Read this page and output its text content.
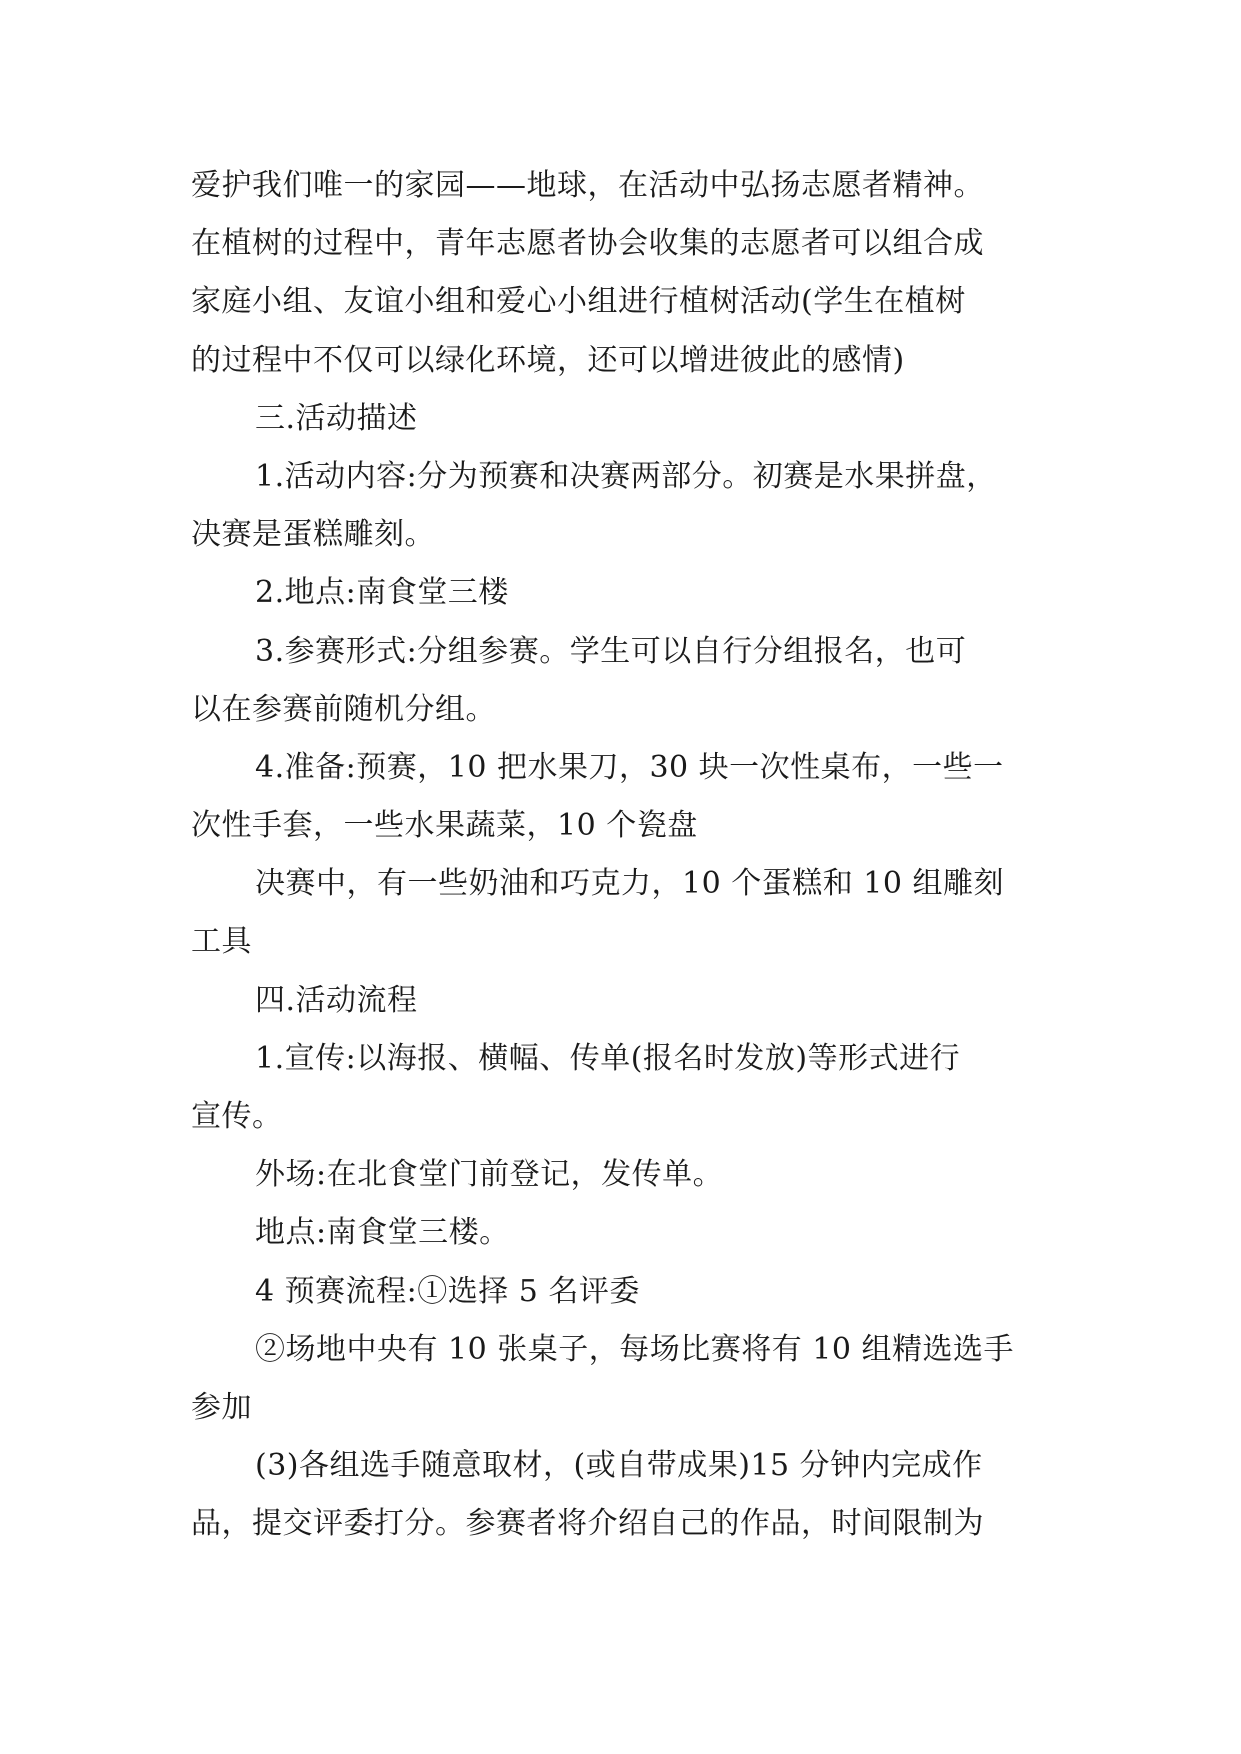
爱护我们唯一的家园——地球，在活动中弘扬志愿者精神。
在植树的过程中，青年志愿者协会收集的志愿者可以组合成
家庭小组、友谊小组和爱心小组进行植树活动(学生在植树
的过程中不仅可以绿化环境，还可以增进彼此的感情)
三.活动描述
1.活动内容:分为预赛和决赛两部分。初赛是水果拼盘，
决赛是蛋糕雕刻。
2.地点:南食堂三楼
3.参赛形式:分组参赛。学生可以自行分组报名，也可
以在参赛前随机分组。
4.准备:预赛，10 把水果刀，30 块一次性桌布，一些一
次性手套，一些水果蔬菜，10 个瓷盘
决赛中，有一些奶油和巧克力，10 个蛋糕和 10 组雕刻
工具
四.活动流程
1.宣传:以海报、横幅、传单(报名时发放)等形式进行
宣传。
外场:在北食堂门前登记，发传单。
地点:南食堂三楼。
4 预赛流程:①选择 5 名评委
②场地中央有 10 张桌子，每场比赛将有 10 组精选选手
参加
(3)各组选手随意取材，(或自带成果)15 分钟内完成作
品，提交评委打分。参赛者将介绍自己的作品，时间限制为
